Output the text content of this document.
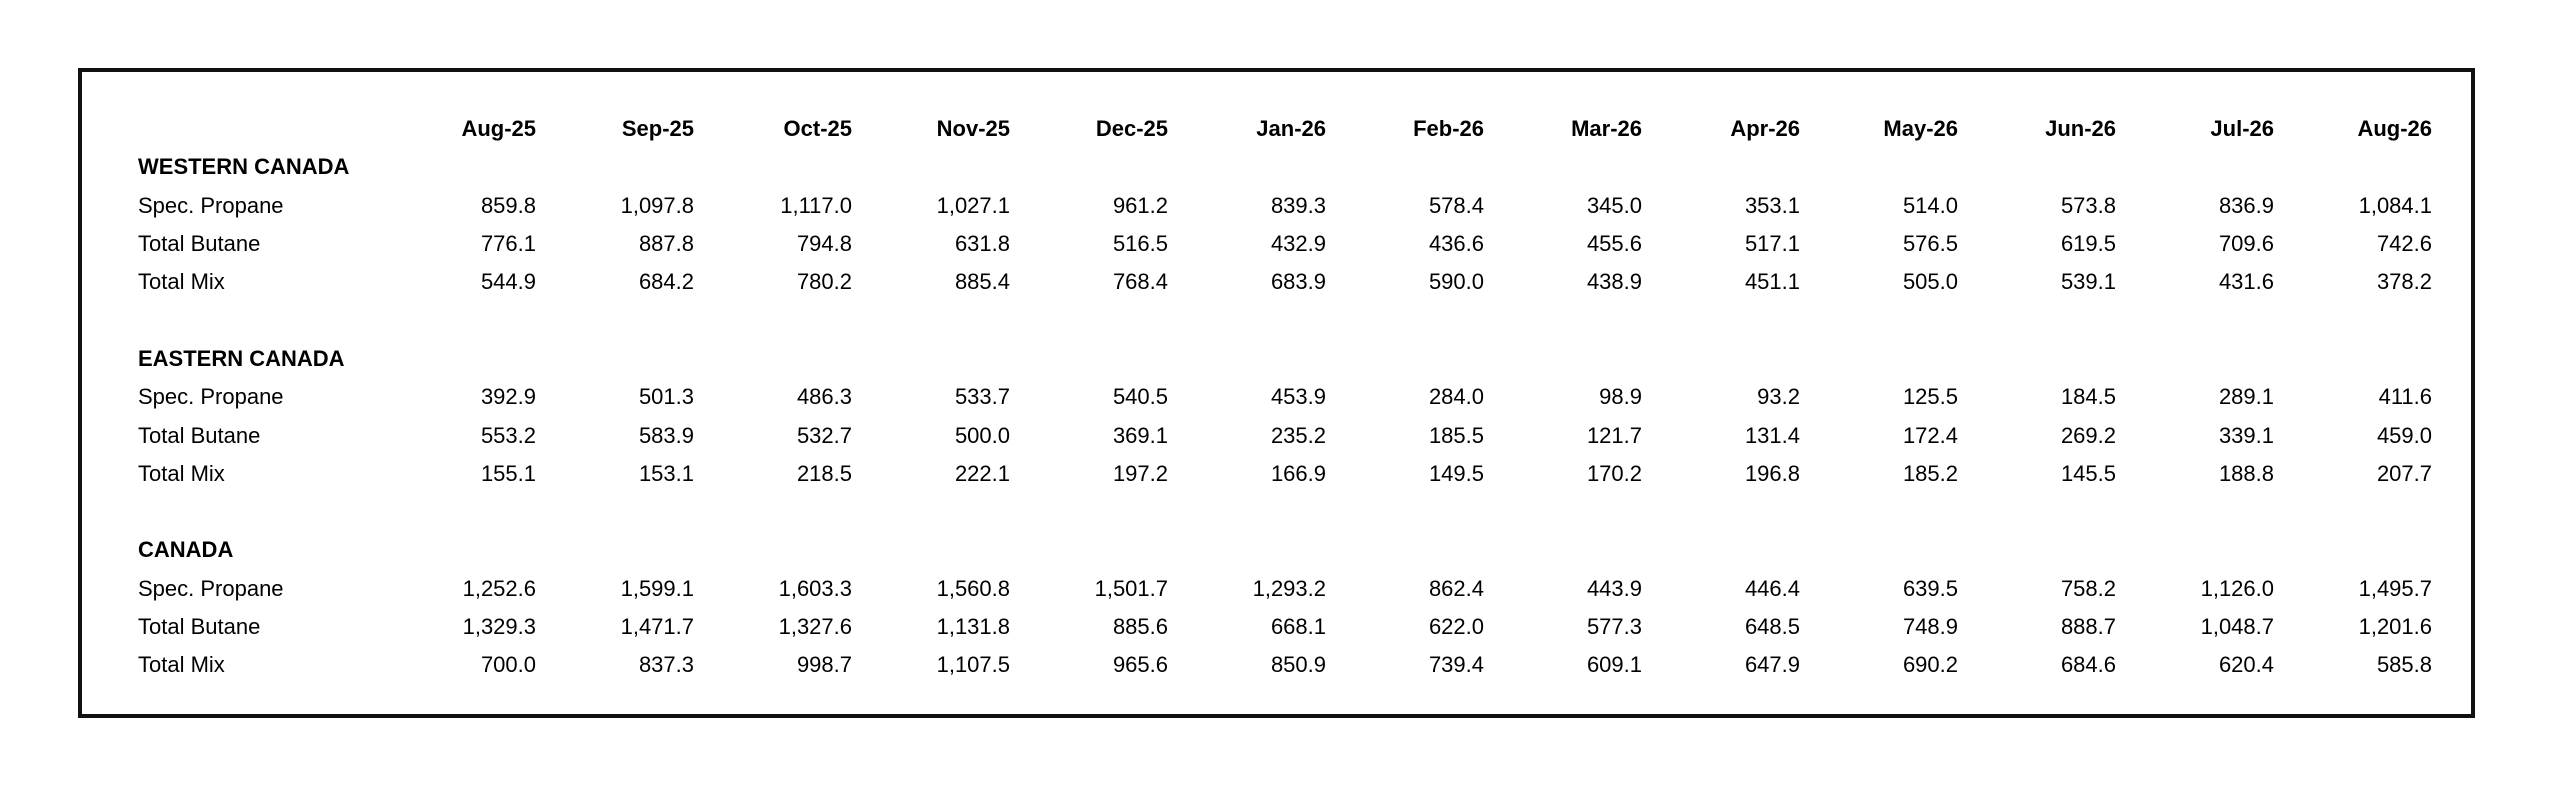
	Aug-25	Sep-25	Oct-25	Nov-25	Dec-25	Jan-26	Feb-26	Mar-26	Apr-26	May-26	Jun-26	Jul-26	Aug-26
WESTERN CANADA													
Spec. Propane	859.8	1,097.8	1,117.0	1,027.1	961.2	839.3	578.4	345.0	353.1	514.0	573.8	836.9	1,084.1
Total Butane	776.1	887.8	794.8	631.8	516.5	432.9	436.6	455.6	517.1	576.5	619.5	709.6	742.6
Total Mix	544.9	684.2	780.2	885.4	768.4	683.9	590.0	438.9	451.1	505.0	539.1	431.6	378.2

EASTERN CANADA													
Spec. Propane	392.9	501.3	486.3	533.7	540.5	453.9	284.0	98.9	93.2	125.5	184.5	289.1	411.6
Total Butane	553.2	583.9	532.7	500.0	369.1	235.2	185.5	121.7	131.4	172.4	269.2	339.1	459.0
Total Mix	155.1	153.1	218.5	222.1	197.2	166.9	149.5	170.2	196.8	185.2	145.5	188.8	207.7

CANADA													
Spec. Propane	1,252.6	1,599.1	1,603.3	1,560.8	1,501.7	1,293.2	862.4	443.9	446.4	639.5	758.2	1,126.0	1,495.7
Total Butane	1,329.3	1,471.7	1,327.6	1,131.8	885.6	668.1	622.0	577.3	648.5	748.9	888.7	1,048.7	1,201.6
Total Mix	700.0	837.3	998.7	1,107.5	965.6	850.9	739.4	609.1	647.9	690.2	684.6	620.4	585.8
